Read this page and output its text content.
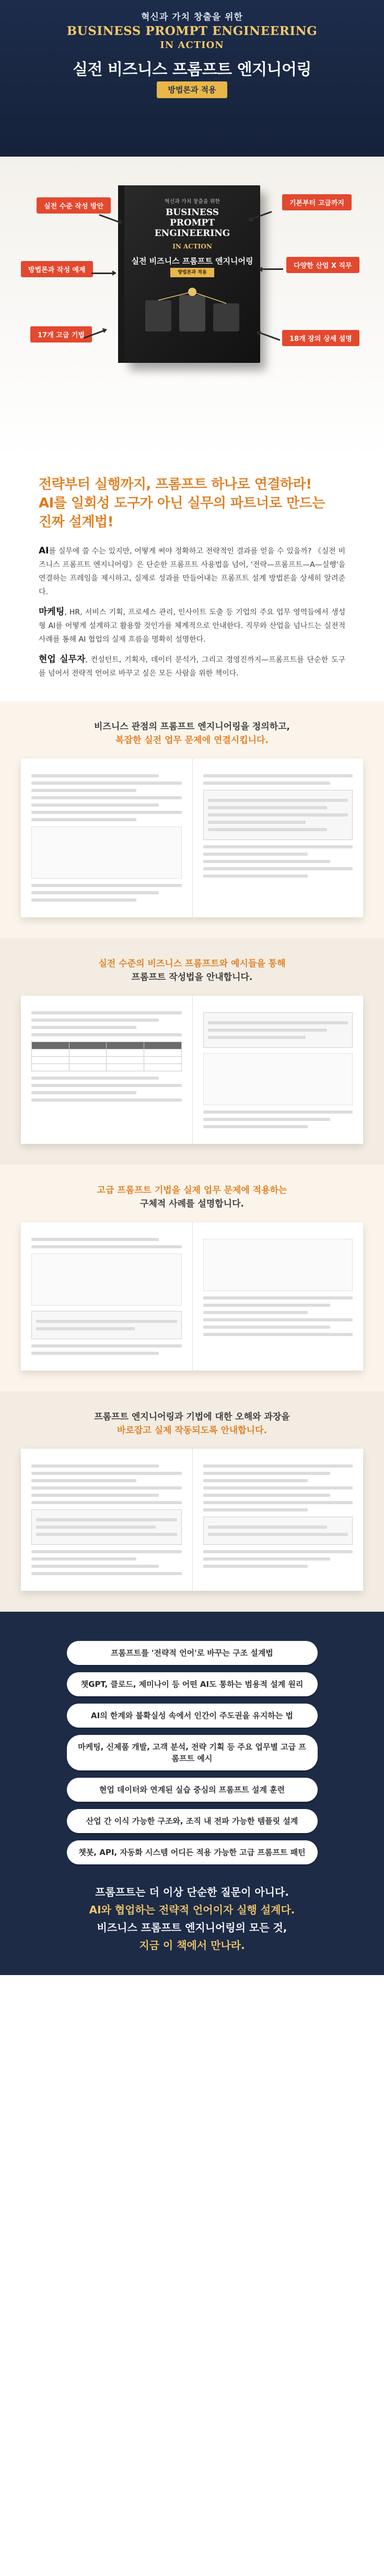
혁신과 가치 창출을 위한
BUSINESS PROMPT ENGINEERING
IN ACTION
실전 비즈니스 프롬프트 엔지니어링
방법론과 적용
혁신과 가치 창출을 위한
BUSINESS
PROMPT
ENGINEERING
IN ACTION
실전 비즈니스 프롬프트 엔지니어링
방법론과 적용
실전 수준 작성 방안	기본부터 고급까지
방법론과 작성 예제
다양한 산업 X 직무
17개 고급 기법	18개 장의 상세 설명
전략부터 실행까지, 프롬프트 하나로 연결하라!
AI를 일회성 도구가 아닌 실무의 파트너로 만드는
진짜 설계법!

AI를 실무에 쓸 수는 있지만, 어떻게 써야 정확하고 전략적인 결과를 얻을 수 있을까? 《실전 비즈니스 프롬프트 엔지니어링》은 단순한 프롬프트 사용법을 넘어, '전략—프롬프트—A—실행'을 연결하는 프레임을 제시하고, 실제로 성과를 만들어내는 프롬프트 설계 방법론을 상세히 알려준다.

마케팅, HR, 서비스 기획, 프로세스 관리, 인사이트 도출 등 기업의 주요 업무 영역들에서 생성형 AI를 어떻게 설계하고 활용할 것인가를 체계적으로 안내한다. 직무와 산업을 넘나드는 실전적 사례를 통해 AI 협업의 실제 흐름을 명확히 설명한다.

현업 실무자, 컨설턴트, 기획자, 데이터 분석가, 그리고 경영진까지—프롬프트를 단순한 도구를 넘어서 전략적 언어로 바꾸고 싶은 모든 사람을 위한 책이다.

비즈니스 관점의 프롬프트 엔지니어링을 정의하고,
복잡한 실전 업무 문제에 연결시킵니다.
실전 수준의 비즈니스 프롬프트와 예시들을 통해
프롬프트 작성법을 안내합니다.

고급 프롬프트 기법을 실제 업무 문제에 적용하는
구체적 사례를 설명합니다.
프롬프트 엔지니어링과 기법에 대한 오해와 과장을
바로잡고 실제 작동되도록 안내합니다.
프롬프트를 '전략적 언어'로 바꾸는 구조 설계법
챗GPT, 클로드, 제미나이 등 어떤 AI도 통하는 범용적 설계 원리
AI의 한계와 불확실성 속에서 인간이 주도권을 유지하는 법
마케팅, 신제품 개발, 고객 분석, 전략 기획 등 주요 업무별 고급 프롬프트 예시
현업 데이터와 연계된 실습 중심의 프롬프트 설계 훈련
산업 간 이식 가능한 구조와, 조직 내 전파 가능한 템플릿 설계
챗봇, API, 자동화 시스템 어디든 적용 가능한 고급 프롬프트 패턴
프롬프트는 더 이상 단순한 질문이 아니다.
AI와 협업하는 전략적 언어이자 실행 설계다.
비즈니스 프롬프트 엔지니어링의 모든 것,
지금 이 책에서 만나라.
